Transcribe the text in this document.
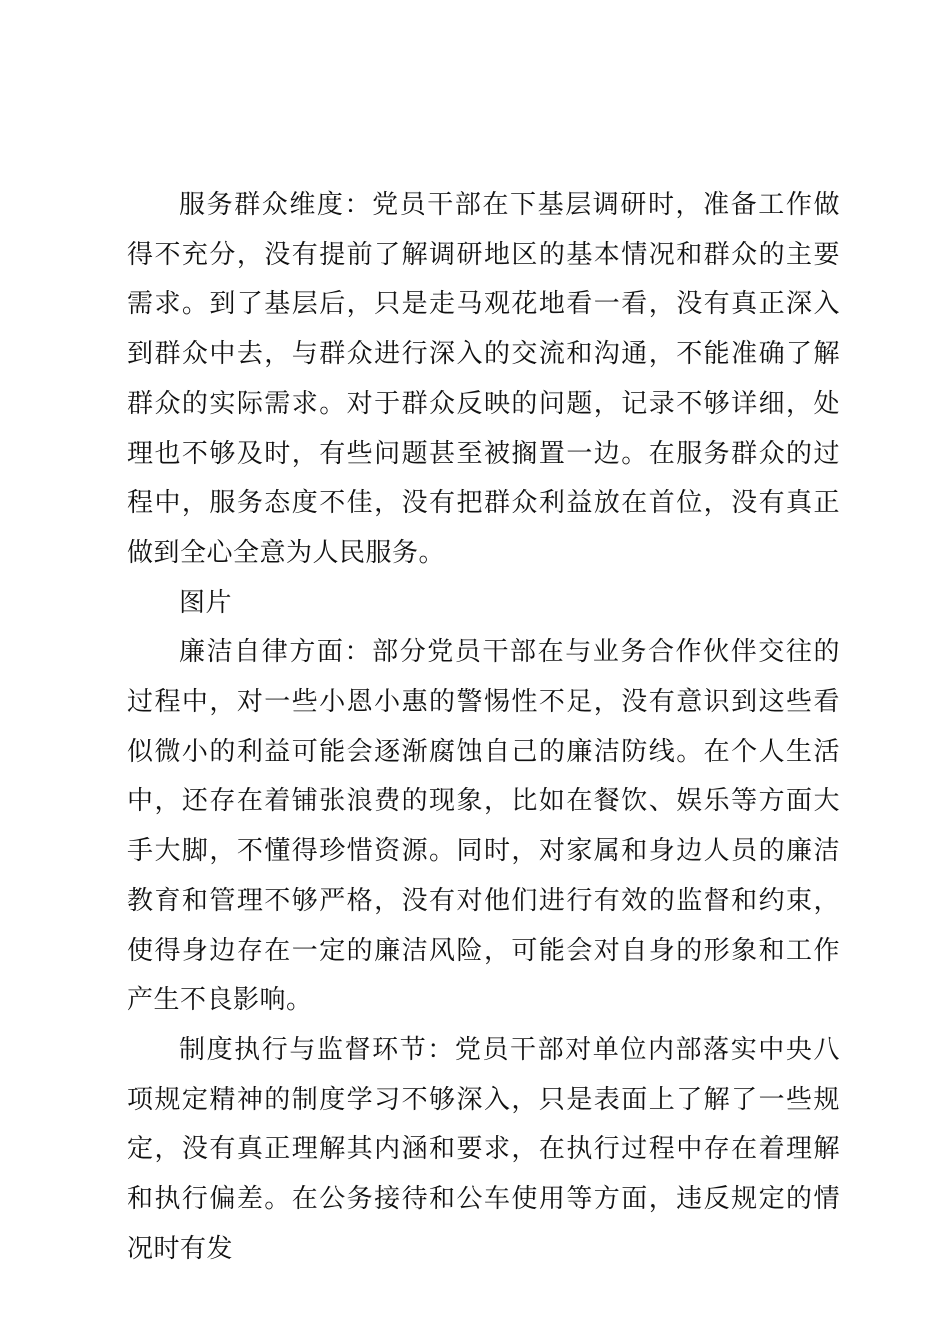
服务群众维度：党员干部在下基层调研时，准备工作做得不充分，没有提前了解调研地区的基本情况和群众的主要需求。到了基层后，只是走马观花地看一看，没有真正深入到群众中去，与群众进行深入的交流和沟通，不能准确了解群众的实际需求。对于群众反映的问题，记录不够详细，处理也不够及时，有些问题甚至被搁置一边。在服务群众的过程中，服务态度不佳，没有把群众利益放在首位，没有真正做到全心全意为人民服务。

图片

廉洁自律方面：部分党员干部在与业务合作伙伴交往的过程中，对一些小恩小惠的警惕性不足，没有意识到这些看似微小的利益可能会逐渐腐蚀自己的廉洁防线。在个人生活中，还存在着铺张浪费的现象，比如在餐饮、娱乐等方面大手大脚，不懂得珍惜资源。同时，对家属和身边人员的廉洁教育和管理不够严格，没有对他们进行有效的监督和约束，使得身边存在一定的廉洁风险，可能会对自身的形象和工作产生不良影响。

制度执行与监督环节：党员干部对单位内部落实中央八项规定精神的制度学习不够深入，只是表面上了解了一些规定，没有真正理解其内涵和要求，在执行过程中存在着理解和执行偏差。在公务接待和公车使用等方面，违反规定的情况时有发
